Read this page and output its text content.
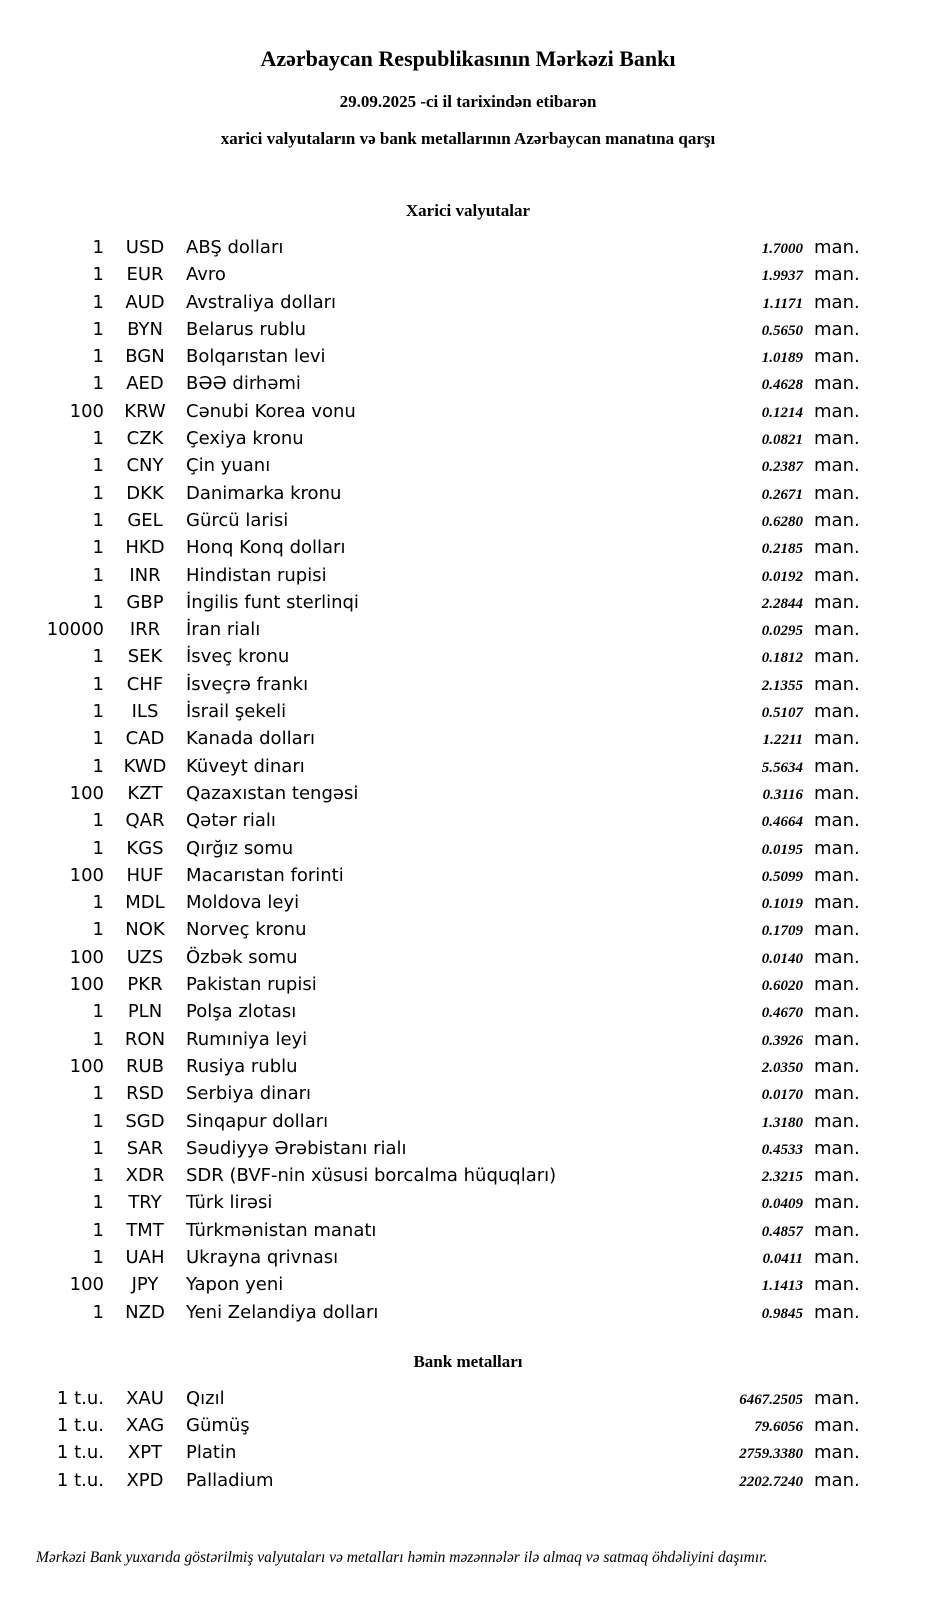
Azərbaycan Respublikasının Mərkəzi Bankı

29.09.2025 -ci il tarixindən etibarən

xarici valyutaların və bank metallarının Azərbaycan manatına qarşı

Xarici valyutalar
1	USD	ABŞ dolları	1.7000 man.
1	EUR	Avro	1.9937 man.
1	AUD	Avstraliya dolları	1.1171 man.
1	BYN	Belarus rublu	0.5650 man.
1	BGN	Bolqarıstan levi	1.0189 man.
1	AED	BƏƏ dirhəmi	0.4628 man.
100	KRW	Cənubi Korea vonu	0.1214 man.
1	CZK	Çexiya kronu	0.0821 man.
1	CNY	Çin yuanı	0.2387 man.
1	DKK	Danimarka kronu	0.2671 man.
1	GEL	Gürcü larisi	0.6280 man.
1	HKD	Honq Konq dolları	0.2185 man.
1	INR	Hindistan rupisi	0.0192 man.
1	GBP	İngilis funt sterlinqi	2.2844 man.
10000	IRR	İran rialı	0.0295 man.
1	SEK	İsveç kronu	0.1812 man.
1	CHF	İsveçrə frankı	2.1355 man.
1	ILS	İsrail şekeli	0.5107 man.
1	CAD	Kanada dolları	1.2211 man.
1	KWD	Küveyt dinarı	5.5634 man.
100	KZT	Qazaxıstan tengəsi	0.3116 man.
1	QAR	Qətər rialı	0.4664 man.
1	KGS	Qırğız somu	0.0195 man.
100	HUF	Macarıstan forinti	0.5099 man.
1	MDL	Moldova leyi	0.1019 man.
1	NOK	Norveç kronu	0.1709 man.
100	UZS	Özbək somu	0.0140 man.
100	PKR	Pakistan rupisi	0.6020 man.
1	PLN	Polşa zlotası	0.4670 man.
1	RON	Rumıniya leyi	0.3926 man.
100	RUB	Rusiya rublu	2.0350 man.
1	RSD	Serbiya dinarı	0.0170 man.
1	SGD	Sinqapur dolları	1.3180 man.
1	SAR	Səudiyyə Ərəbistanı rialı	0.4533 man.
1	XDR	SDR (BVF-nin xüsusi borcalma hüquqları)	2.3215 man.
1	TRY	Türk lirəsi	0.0409 man.
1	TMT	Türkmənistan manatı	0.4857 man.
1	UAH	Ukrayna qrivnası	0.0411 man.
100	JPY	Yapon yeni	1.1413 man.
1	NZD	Yeni Zelandiya dolları	0.9845 man.
Bank metalları
1 t.u.	XAU	Qızıl	6467.2505 man.
1 t.u.	XAG	Gümüş	79.6056 man.
1 t.u.	XPT	Platin	2759.3380 man.
1 t.u.	XPD	Palladium	2202.7240 man.

Mərkəzi Bank yuxarıda göstərilmiş valyutaları və metalları həmin məzənnələr ilə almaq və satmaq öhdəliyini daşımır.
